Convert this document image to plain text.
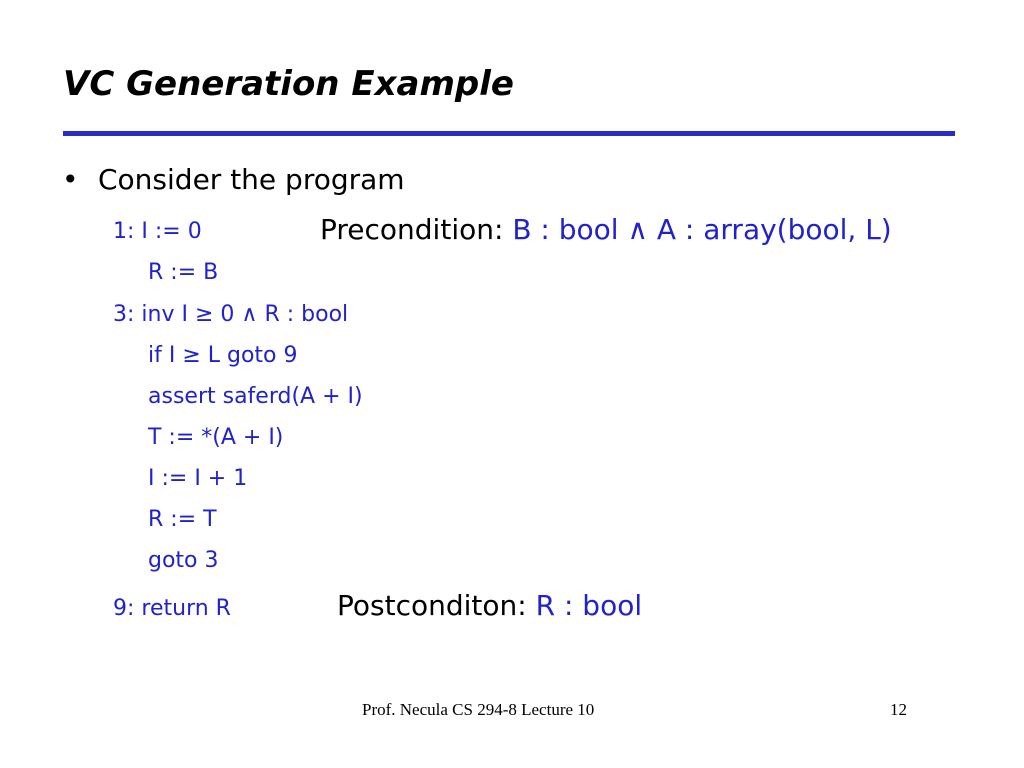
VC Generation Example
• Consider the program
1: I := 0
R := B
3: inv I ≥ 0 ∧ R : bool
if I ≥ L goto 9
assert saferd(A + I)
T := *(A + I)
I := I + 1
R := T
goto 3
9: return R
Precondition: B : bool ∧ A : array(bool, L)
Postconditon: R : bool
Prof. Necula CS 294-8 Lecture 10	12
